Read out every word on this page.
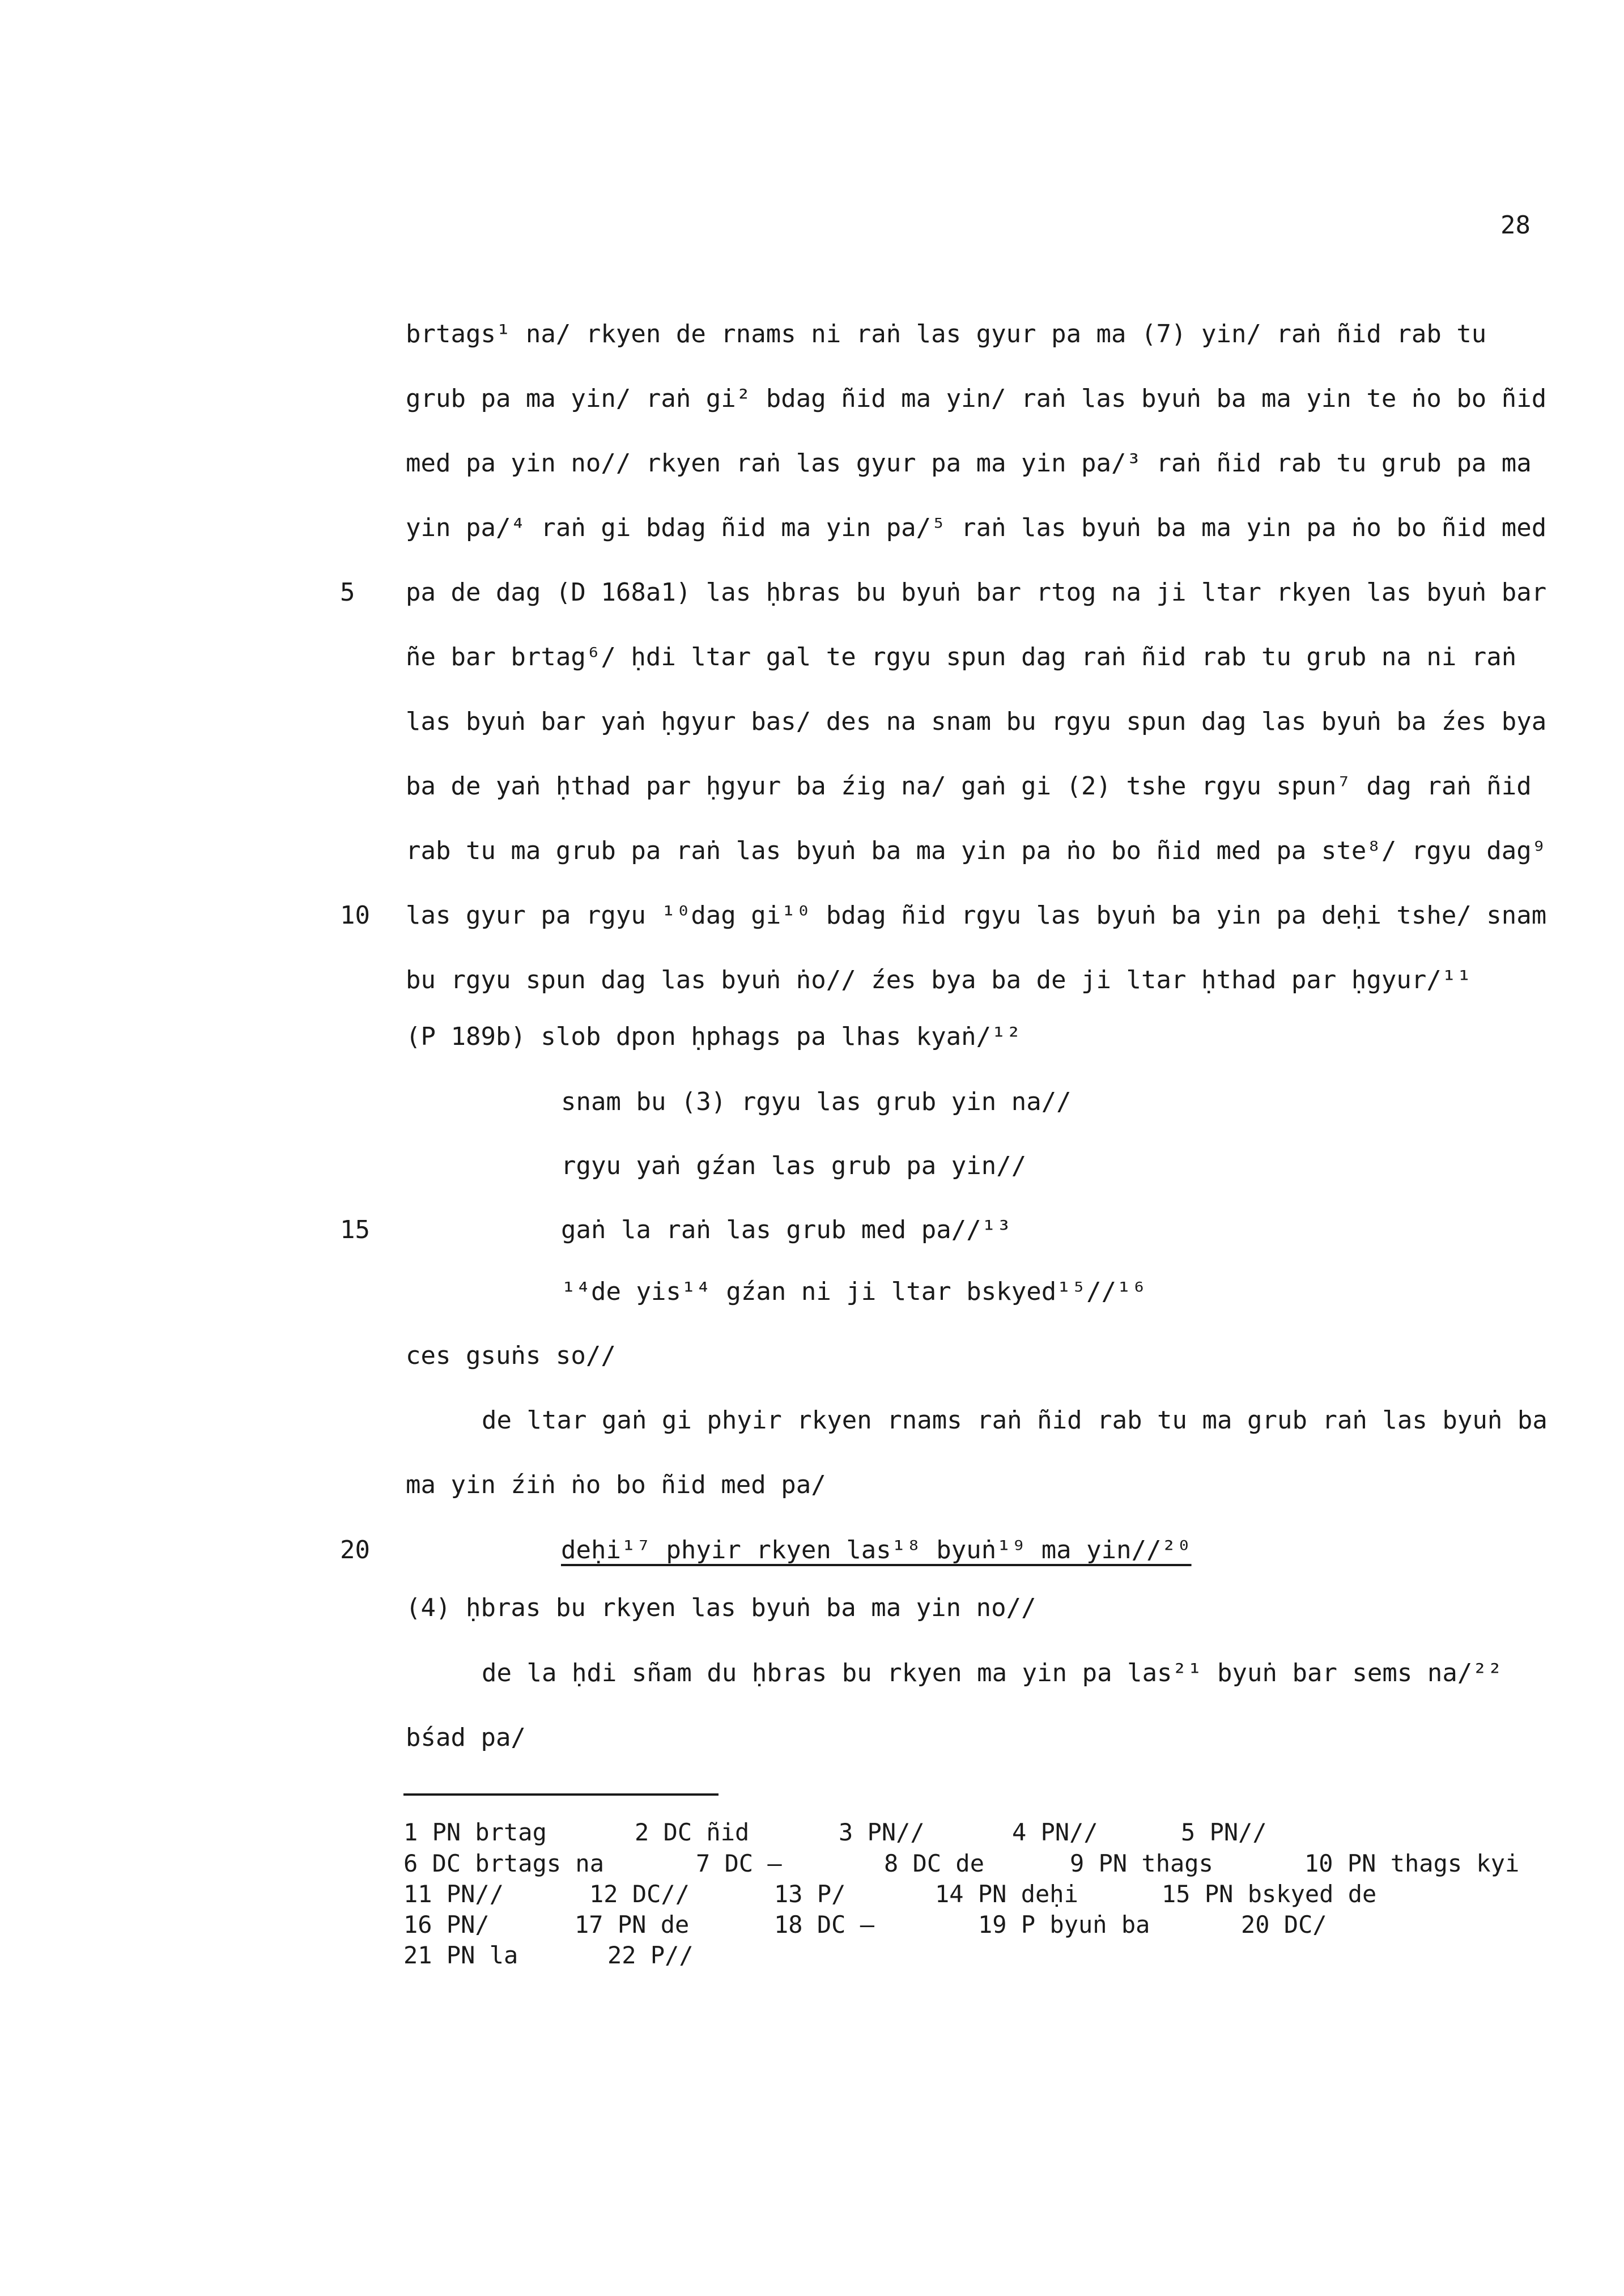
28
brtags¹ na/ rkyen de rnams ni raṅ las gyur pa ma (7) yin/ raṅ ñid rab tu
grub pa ma yin/ raṅ gi² bdag ñid ma yin/ raṅ las byuṅ ba ma yin te ṅo bo ñid
med pa yin no// rkyen raṅ las gyur pa ma yin pa/³ raṅ ñid rab tu grub pa ma
yin pa/⁴ raṅ gi bdag ñid ma yin pa/⁵ raṅ las byuṅ ba ma yin pa ṅo bo ñid med
pa de dag (D 168a1) las ḥbras bu byuṅ bar rtog na ji ltar rkyen las byuṅ bar
ñe bar brtag⁶/ ḥdi ltar gal te rgyu spun dag raṅ ñid rab tu grub na ni raṅ
las byuṅ bar yaṅ ḥgyur bas/ des na snam bu rgyu spun dag las byuṅ ba źes bya
ba de yaṅ ḥthad par ḥgyur ba źig na/ gaṅ gi (2) tshe rgyu spun⁷ dag raṅ ñid
rab tu ma grub pa raṅ las byuṅ ba ma yin pa ṅo bo ñid med pa ste⁸/ rgyu dag⁹
las gyur pa rgyu ¹⁰dag gi¹⁰ bdag ñid rgyu las byuṅ ba yin pa deḥi tshe/ snam
bu rgyu spun dag las byuṅ ṅo// źes bya ba de ji ltar ḥthad par ḥgyur/¹¹
(P 189b) slob dpon ḥphags pa lhas kyaṅ/¹²
snam bu (3) rgyu las grub yin na//
rgyu yaṅ gźan las grub pa yin//
gaṅ la raṅ las grub med pa//¹³
¹⁴de yis¹⁴ gźan ni ji ltar bskyed¹⁵//¹⁶
ces gsuṅs so//
de ltar gaṅ gi phyir rkyen rnams raṅ ñid rab tu ma grub raṅ las byuṅ ba
ma yin źiṅ ṅo bo ñid med pa/
deḥi¹⁷ phyir rkyen las¹⁸ byuṅ¹⁹ ma yin//²⁰
(4) ḥbras bu rkyen las byuṅ ba ma yin no//
de la ḥdi sñam du ḥbras bu rkyen ma yin pa las²¹ byuṅ bar sems na/²²
bśad pa/
5
10
15
20
1 PN brtag	2 DC ñid	3 PN//	4 PN//	5 PN//
6 DC brtags na	7 DC —	8 DC de	9 PN thags	10 PN thags kyi
11 PN//	12 DC//	13 P/	14 PN deḥi	15 PN bskyed de
16 PN/	17 PN de	18 DC —	19 P byuṅ ba	20 DC/
21 PN la	22 P//
